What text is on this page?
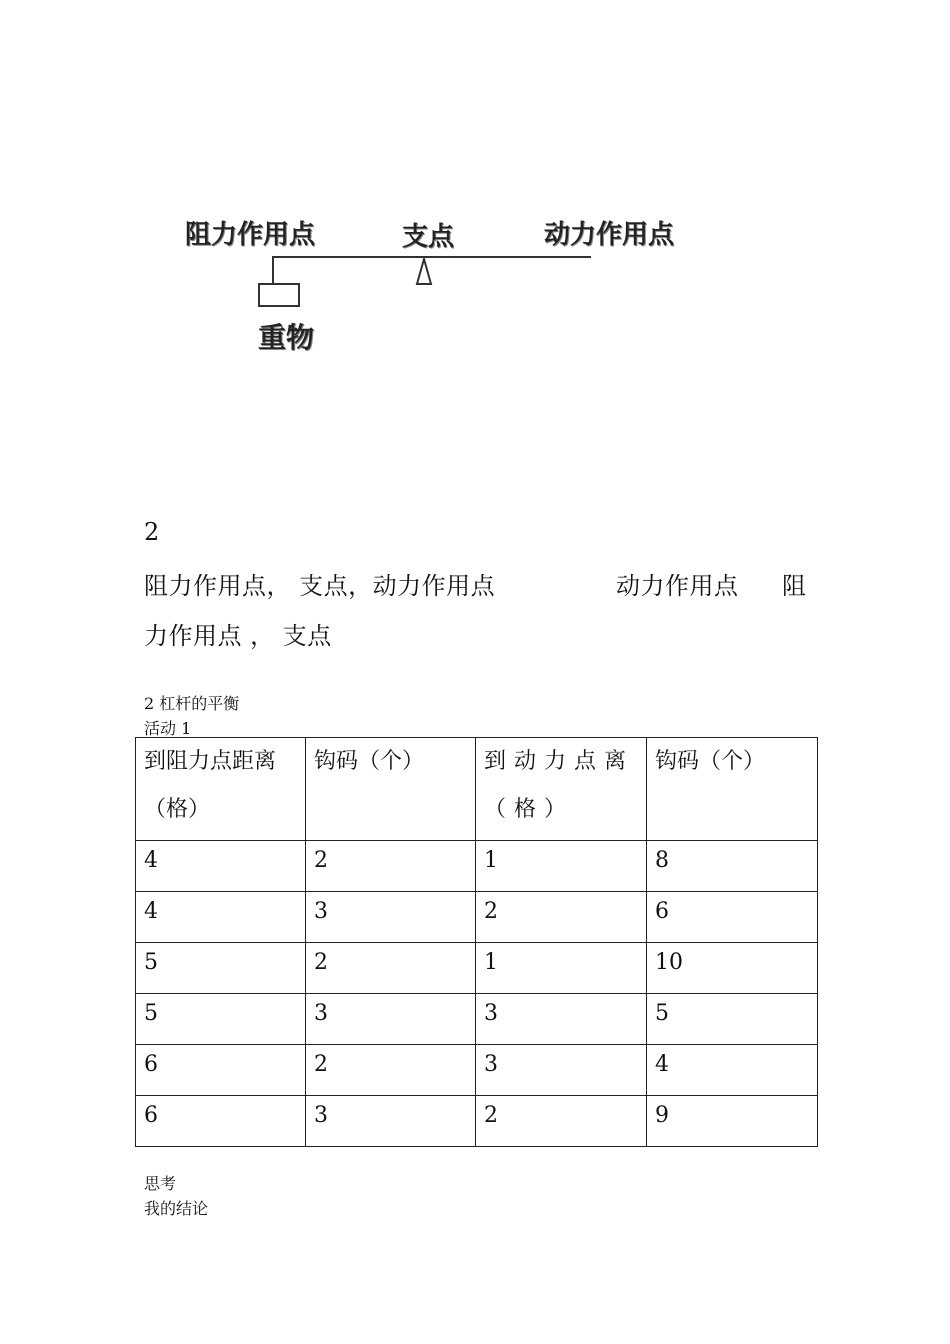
阻力作用点	支点	动力作用点
重物
2
阻力作用点， 支点，动力作用点	动力作用点 阻
力作用点 ， 支点
2 杠杆的平衡
活动 1
到阻力点距离（格）	钩码（个）	到动力点离（格）	钩码（个）
4	2	1	8
4	3	2	6
5	2	1	10
5	3	3	5
6	2	3	4
6	3	2	9
思考
我的结论
